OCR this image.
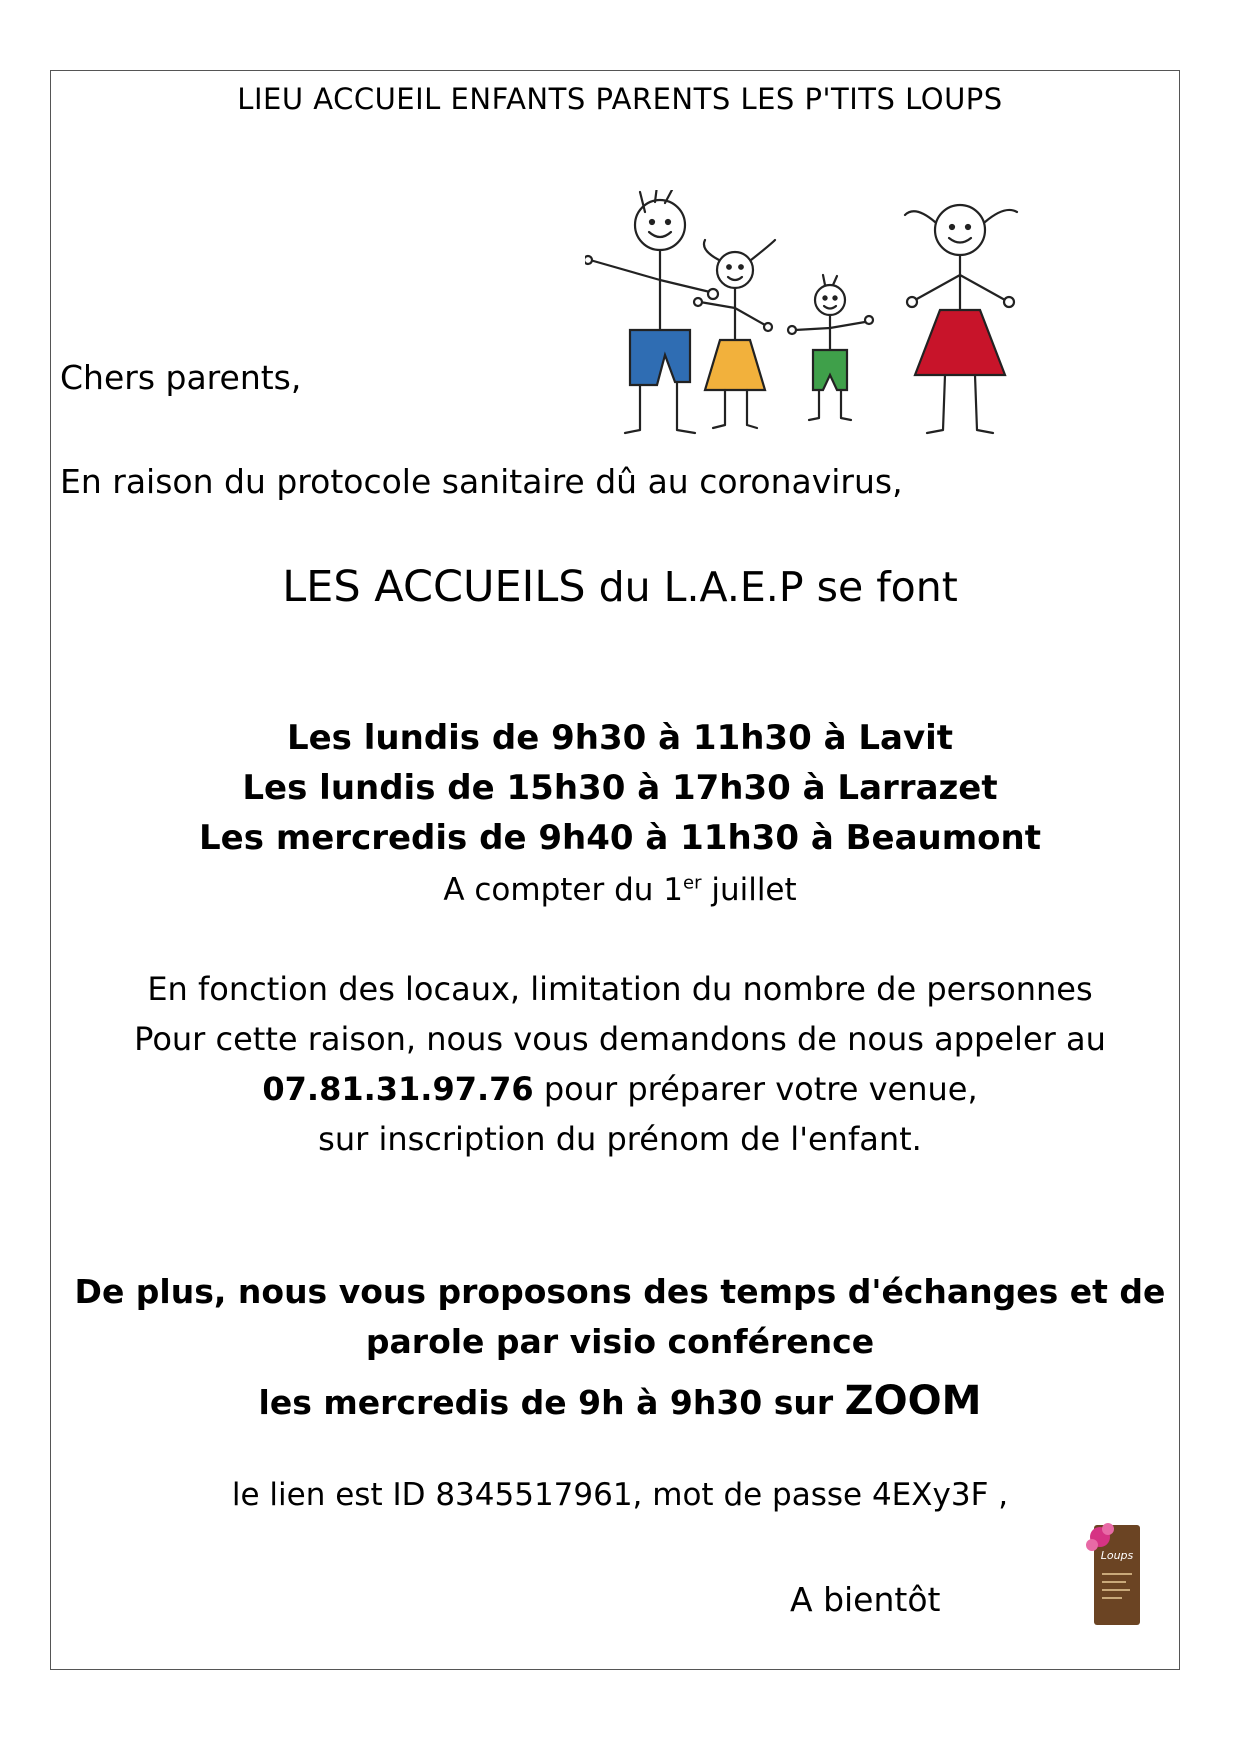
LIEU ACCUEIL ENFANTS PARENTS LES P'TITS LOUPS
Chers parents,
En raison du protocole sanitaire dû au coronavirus,
LES ACCUEILS du L.A.E.P se font
Les lundis de 9h30 à 11h30 à Lavit
Les lundis de 15h30 à 17h30 à Larrazet
Les mercredis de 9h40 à 11h30 à Beaumont
A compter du 1er juillet
En fonction des locaux, limitation du nombre de personnes
Pour cette raison, nous vous demandons de nous appeler au
07.81.31.97.76 pour préparer votre venue,
sur inscription du prénom de l'enfant.
De plus, nous vous proposons des temps d'échanges et de
parole par visio conférence
les mercredis de 9h à 9h30 sur ZOOM
le lien est ID 8345517961, mot de passe 4EXy3F ,
A bientôt
Loups
